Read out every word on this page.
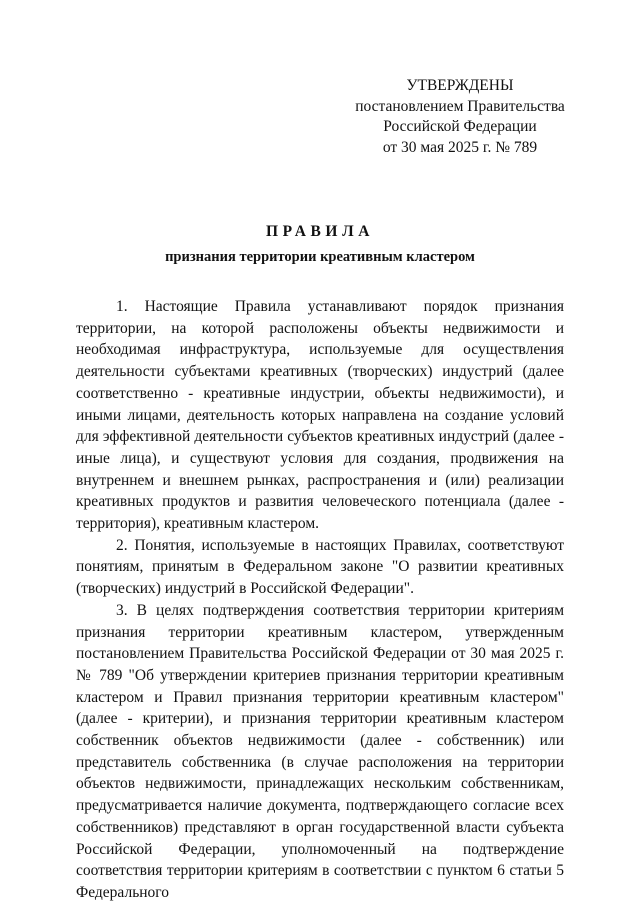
УТВЕРЖДЕНЫ
постановлением Правительства
Российской Федерации
от 30 мая 2025 г. № 789
ПРАВИЛА
признания территории креативным кластером

1. Настоящие Правила устанавливают порядок признания территории, на которой расположены объекты недвижимости и необходимая инфраструктура, используемые для осуществления деятельности субъектами креативных (творческих) индустрий (далее соответственно - креативные индустрии, объекты недвижимости), и иными лицами, деятельность которых направлена на создание условий для эффективной деятельности субъектов креативных индустрий (далее - иные лица), и существуют условия для создания, продвижения на внутреннем и внешнем рынках, распространения и (или) реализации креативных продуктов и развития человеческого потенциала (далее - территория), креативным кластером.

2. Понятия, используемые в настоящих Правилах, соответствуют понятиям, принятым в Федеральном законе "О развитии креативных (творческих) индустрий в Российской Федерации".

3. В целях подтверждения соответствия территории критериям признания территории креативным кластером, утвержденным постановлением Правительства Российской Федерации от 30 мая 2025 г. № 789 "Об утверждении критериев признания территории креативным кластером и Правил признания территории креативным кластером" (далее - критерии), и признания территории креативным кластером собственник объектов недвижимости (далее - собственник) или представитель собственника (в случае расположения на территории объектов недвижимости, принадлежащих нескольким собственникам, предусматривается наличие документа, подтверждающего согласие всех собственников) представляют в орган государственной власти субъекта Российской Федерации, уполномоченный на подтверждение соответствия территории критериям в соответствии с пунктом 6 статьи 5 Федерального
